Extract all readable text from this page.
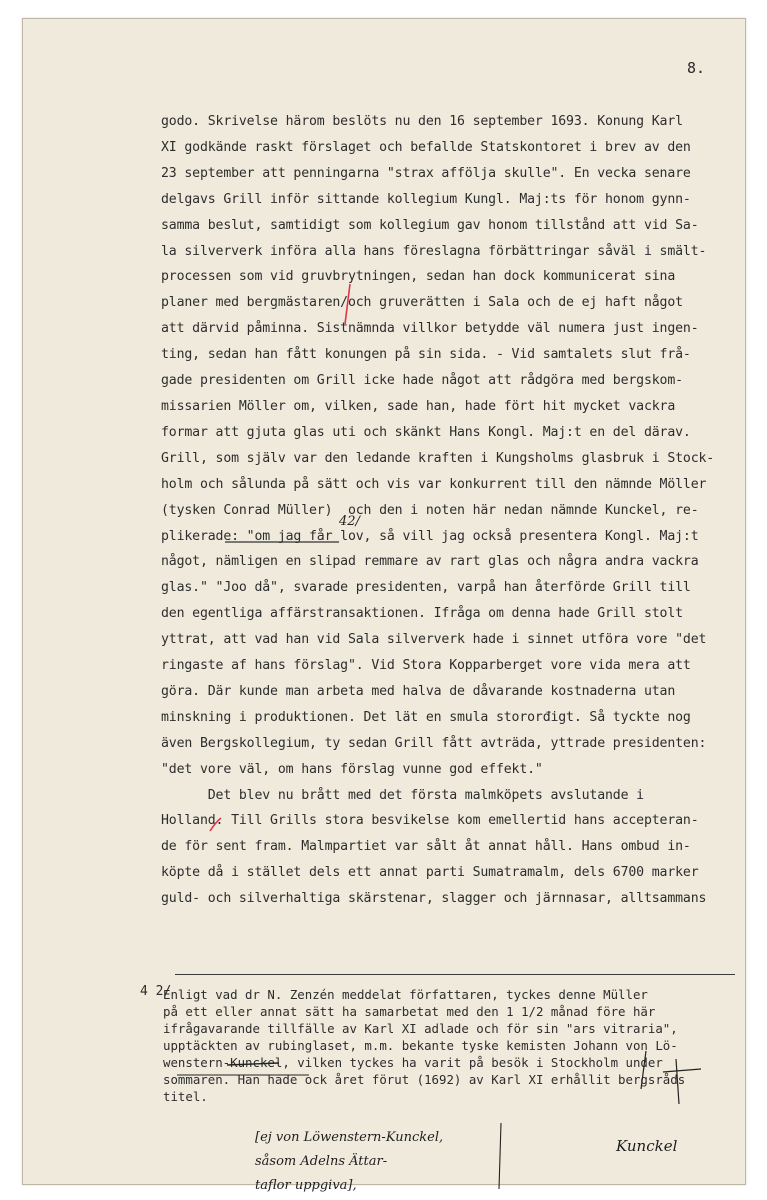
8.
godo. Skrivelse härom beslöts nu den 16 september 1693. Konung Karl
XI godkände raskt förslaget och befallde Statskontoret i brev av den
23 september att penningarna "strax affölja skulle". En vecka senare
delgavs Grill inför sittande kollegium Kungl. Maj:ts för honom gynn-
samma beslut, samtidigt som kollegium gav honom tillstånd att vid Sa-
la silververk införa alla hans föreslagna förbättringar såväl i smält-
processen som vid gruvbrytningen, sedan han dock kommunicerat sina
planer med bergmästaren/och gruverätten i Sala och de ej haft något
att därvid påminna. Sistnämnda villkor betydde väl numera just ingen-
ting, sedan han fått konungen på sin sida. - Vid samtalets slut frå-
gade presidenten om Grill icke hade något att rådgöra med bergskom-
missarien Möller om, vilken, sade han, hade fört hit mycket vackra
formar att gjuta glas uti och skänkt Hans Kongl. Maj:t en del därav.
Grill, som själv var den ledande kraften i Kungsholms glasbruk i Stock-
holm och sålunda på sätt och vis var konkurrent till den nämnde Möller
(tysken Conrad Müller)  och den i noten här nedan nämnde Kunckel, re-
plikerade: "om jag får lov, så vill jag också presentera Kongl. Maj:t
något, nämligen en slipad remmare av rart glas och några andra vackra
glas." "Joo då", svarade presidenten, varpå han återförde Grill till
den egentliga affärstransaktionen. Ifråga om denna hade Grill stolt
yttrat, att vad han vid Sala silververk hade i sinnet utföra vore "det
ringaste af hans förslag". Vid Stora Kopparberget vore vida mera att
göra. Där kunde man arbeta med halva de dåvarande kostnaderna utan
minskning i produktionen. Det lät en smula stororđigt. Så tyckte nog
även Bergskollegium, ty sedan Grill fått avträda, yttrade presidenten:
"det vore väl, om hans förslag vunne god effekt."
Det blev nu brått med det första malmköpets avslutande i
Holland. Till Grills stora besvikelse kom emellertid hans accepteran-
de för sent fram. Malmpartiet var sålt åt annat håll. Hans ombud in-
köpte då i stället dels ett annat parti Sumatramalm, dels 6700 marker
guld- och silverhaltiga skärstenar, slagger och järnnasar, alltsammans
42/
4 2/
Enligt vad dr N. Zenzén meddelat författaren, tyckes denne Müller
på ett eller annat sätt ha samarbetat med den 1 1/2 månad före här
ifrågavarande tillfälle av Karl XI adlade och för sin "ars vitraria",
upptäckten av rubinglaset, m.m. bekante tyske kemisten Johann von Lö-
wenstern-Kunckel, vilken tyckes ha varit på besök i Stockholm under
sommaren. Han hade ock året förut (1692) av Karl XI erhållit bergsråds
titel.
[ej von Löwenstern-Kunckel,
såsom Adelns Ättar-
taflor uppgiva],
Kunckel
